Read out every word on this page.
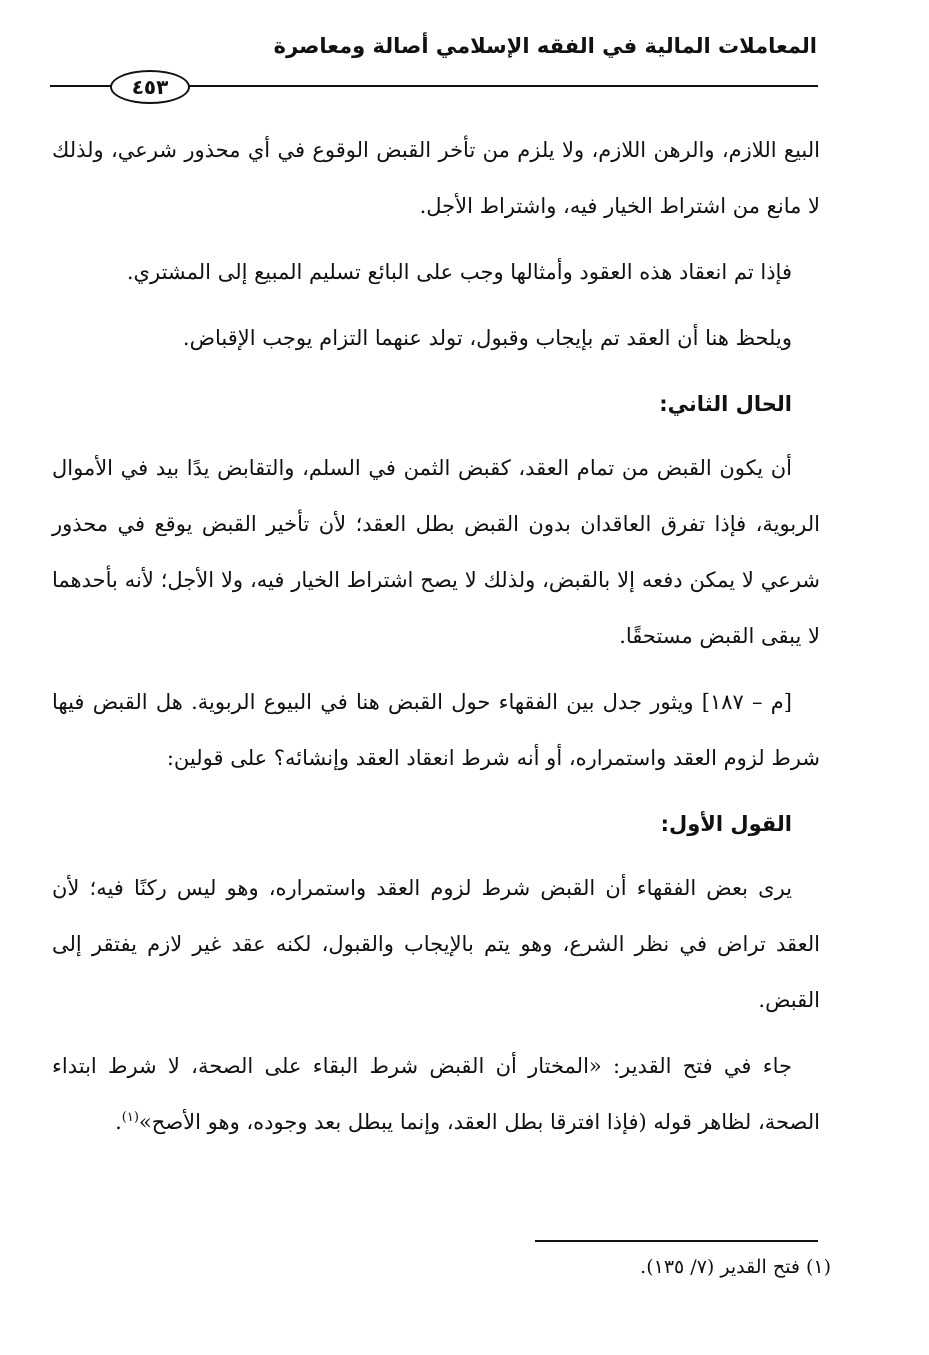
المعاملات المالية في الفقه الإسلامي أصالة ومعاصرة
٤٥٣

البيع اللازم، والرهن اللازم، ولا يلزم من تأخر القبض الوقوع في أي محذور شرعي، ولذلك لا مانع من اشتراط الخيار فيه، واشتراط الأجل.

فإذا تم انعقاد هذه العقود وأمثالها وجب على البائع تسليم المبيع إلى المشتري.

ويلحظ هنا أن العقد تم بإيجاب وقبول، تولد عنهما التزام يوجب الإقباض.

الحال الثاني:

أن يكون القبض من تمام العقد، كقبض الثمن في السلم، والتقابض يدًا بيد في الأموال الربوية، فإذا تفرق العاقدان بدون القبض بطل العقد؛ لأن تأخير القبض يوقع في محذور شرعي لا يمكن دفعه إلا بالقبض، ولذلك لا يصح اشتراط الخيار فيه، ولا الأجل؛ لأنه بأحدهما لا يبقى القبض مستحقًا.

[م – ١٨٧] ويثور جدل بين الفقهاء حول القبض هنا في البيوع الربوية. هل القبض فيها شرط لزوم العقد واستمراره، أو أنه شرط انعقاد العقد وإنشائه؟ على قولين:

القول الأول:

يرى بعض الفقهاء أن القبض شرط لزوم العقد واستمراره، وهو ليس ركنًا فيه؛ لأن العقد تراض في نظر الشرع، وهو يتم بالإيجاب والقبول، لكنه عقد غير لازم يفتقر إلى القبض.

جاء في فتح القدير: «المختار أن القبض شرط البقاء على الصحة، لا شرط ابتداء الصحة، لظاهر قوله (فإذا افترقا بطل العقد، وإنما يبطل بعد وجوده، وهو الأصح»$^{(١)}$.

(١) فتح القدير (٧/ ١٣٥).
